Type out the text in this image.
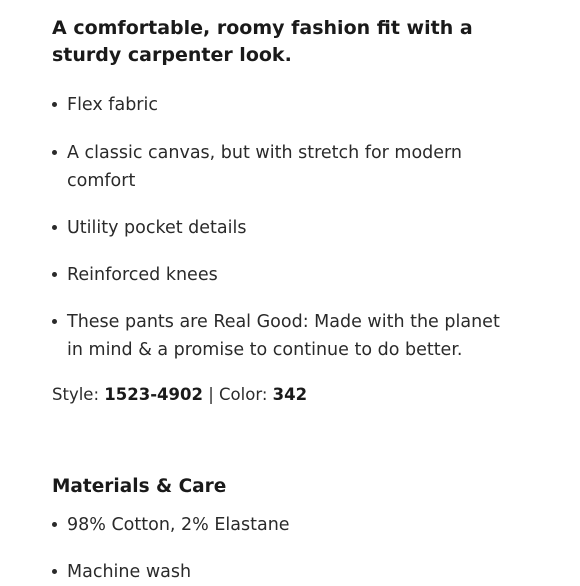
A comfortable, roomy fashion fit with a sturdy carpenter look.
Flex fabric
A classic canvas, but with stretch for modern comfort
Utility pocket details
Reinforced knees
These pants are Real Good: Made with the planet in mind & a promise to continue to do better.
Style: 1523-4902 | Color: 342
Materials & Care
98% Cotton, 2% Elastane
Machine wash
